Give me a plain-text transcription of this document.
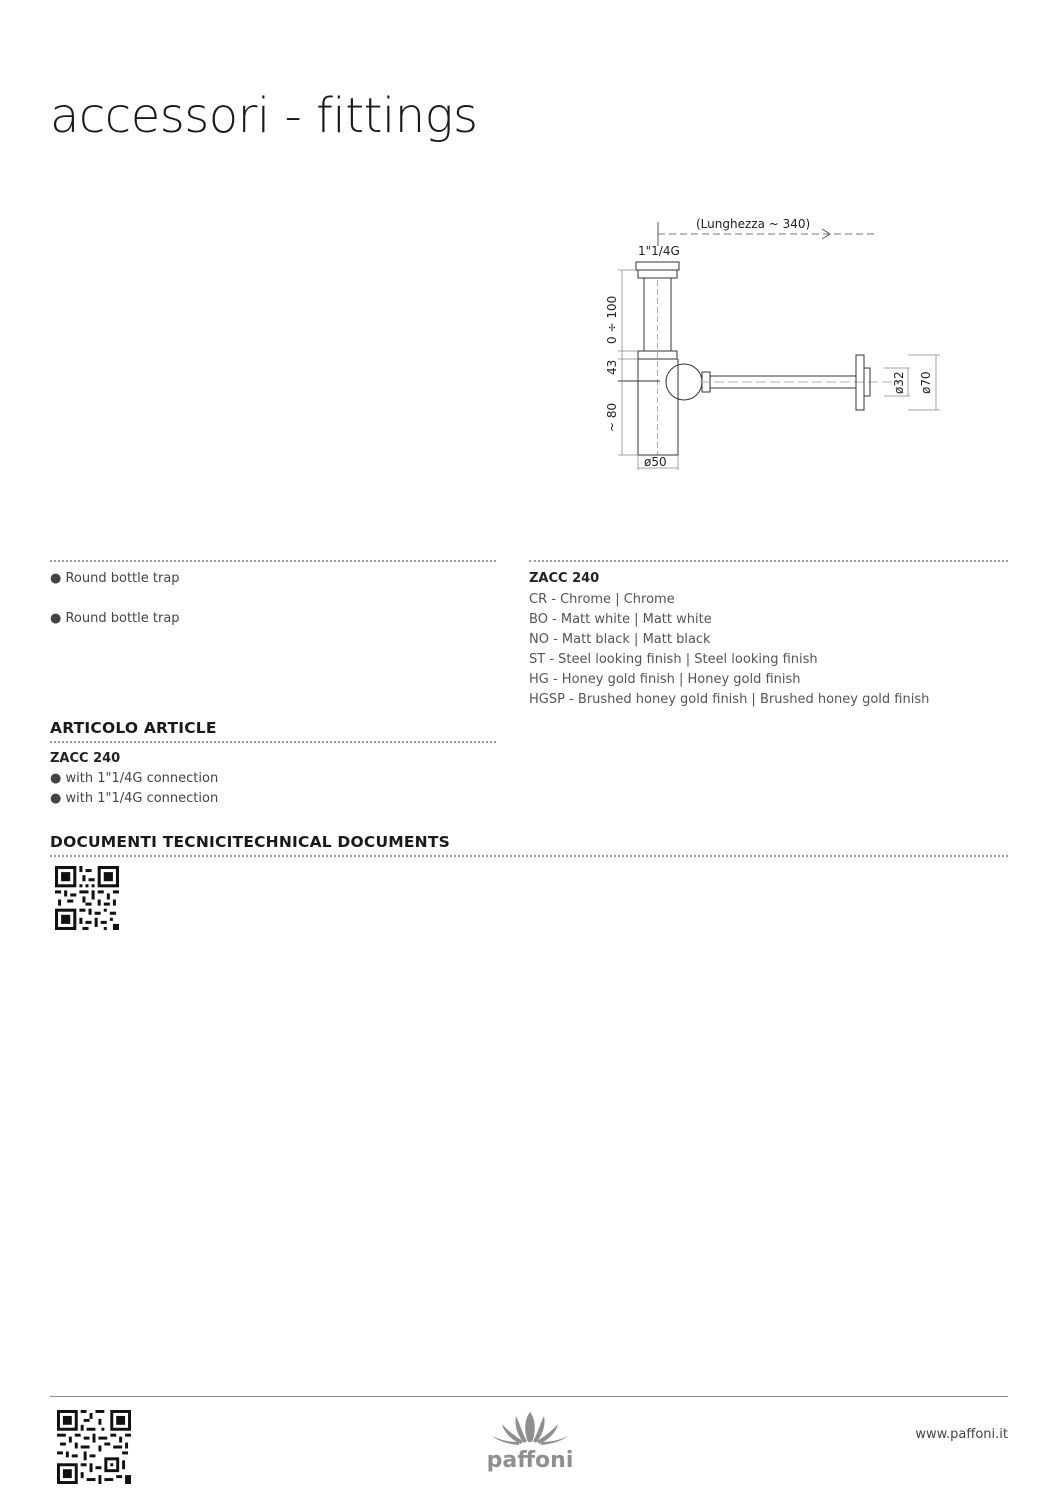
accessori - fittings
(Lunghezza ~ 340)
1"1/4G
ø32 ø70
0 ÷ 100
43
~ 80
ø50
● Round bottle trap
● Round bottle trap
ZACC 240
CR - Chrome | Chrome
BO - Matt white | Matt white
NO - Matt black | Matt black
ST - Steel looking finish | Steel looking finish
HG - Honey gold finish | Honey gold finish
HGSP - Brushed honey gold finish | Brushed honey gold finish
ARTICOLO ARTICLE
ZACC 240
● with 1"1/4G connection
● with 1"1/4G connection
DOCUMENTI TECNICITECHNICAL DOCUMENTS
paffoni
www.paffoni.it
